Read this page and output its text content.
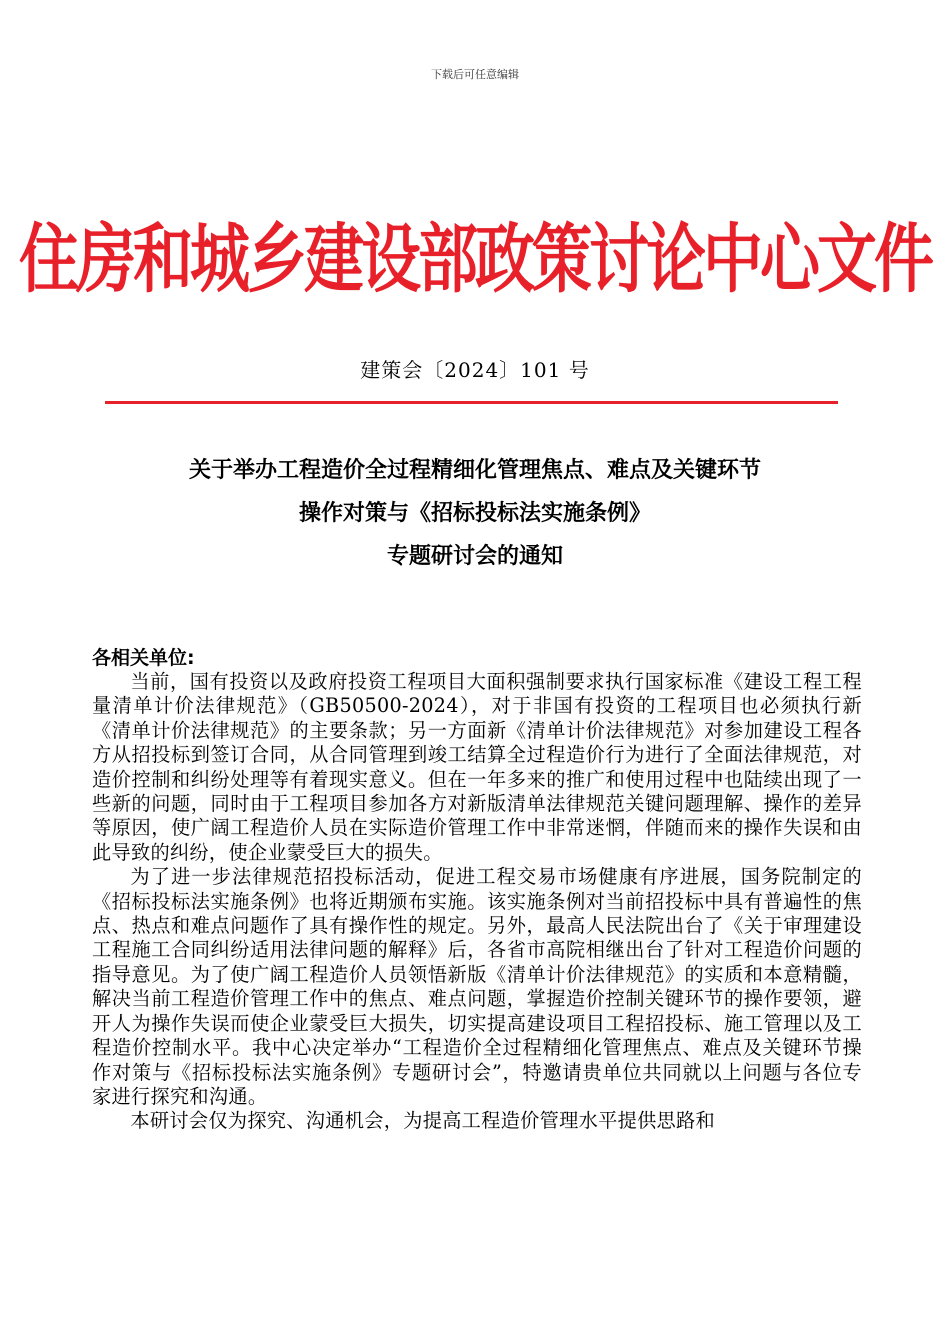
下载后可任意编辑
住房和城乡建设部政策讨论中心文件
建策会〔2024〕101 号
关于举办工程造价全过程精细化管理焦点、难点及关键环节
操作对策与《招标投标法实施条例》
专题研讨会的通知
各相关单位:

当前，国有投资以及政府投资工程项目大面积强制要求执行国家标准《建设工程工程量清单计价法律规范》（GB50500-2024），对于非国有投资的工程项目也必须执行新《清单计价法律规范》的主要条款；另一方面新《清单计价法律规范》对参加建设工程各方从招投标到签订合同，从合同管理到竣工结算全过程造价行为进行了全面法律规范，对造价控制和纠纷处理等有着现实意义。但在一年多来的推广和使用过程中也陆续出现了一些新的问题，同时由于工程项目参加各方对新版清单法律规范关键问题理解、操作的差异等原因，使广阔工程造价人员在实际造价管理工作中非常迷惘，伴随而来的操作失误和由此导致的纠纷，使企业蒙受巨大的损失。

为了进一步法律规范招投标活动，促进工程交易市场健康有序进展，国务院制定的《招标投标法实施条例》也将近期颁布实施。该实施条例对当前招投标中具有普遍性的焦点、热点和难点问题作了具有操作性的规定。另外，最高人民法院出台了《关于审理建设工程施工合同纠纷适用法律问题的解释》后，各省市高院相继出台了针对工程造价问题的指导意见。为了使广阔工程造价人员领悟新版《清单计价法律规范》的实质和本意精髓，解决当前工程造价管理工作中的焦点、难点问题，掌握造价控制关键环节的操作要领，避开人为操作失误而使企业蒙受巨大损失，切实提高建设项目工程招投标、施工管理以及工程造价控制水平。我中心决定举办“工程造价全过程精细化管理焦点、难点及关键环节操作对策与《招标投标法实施条例》专题研讨会”，特邀请贵单位共同就以上问题与各位专家进行探究和沟通。

本研讨会仅为探究、沟通机会，为提高工程造价管理水平提供思路和
